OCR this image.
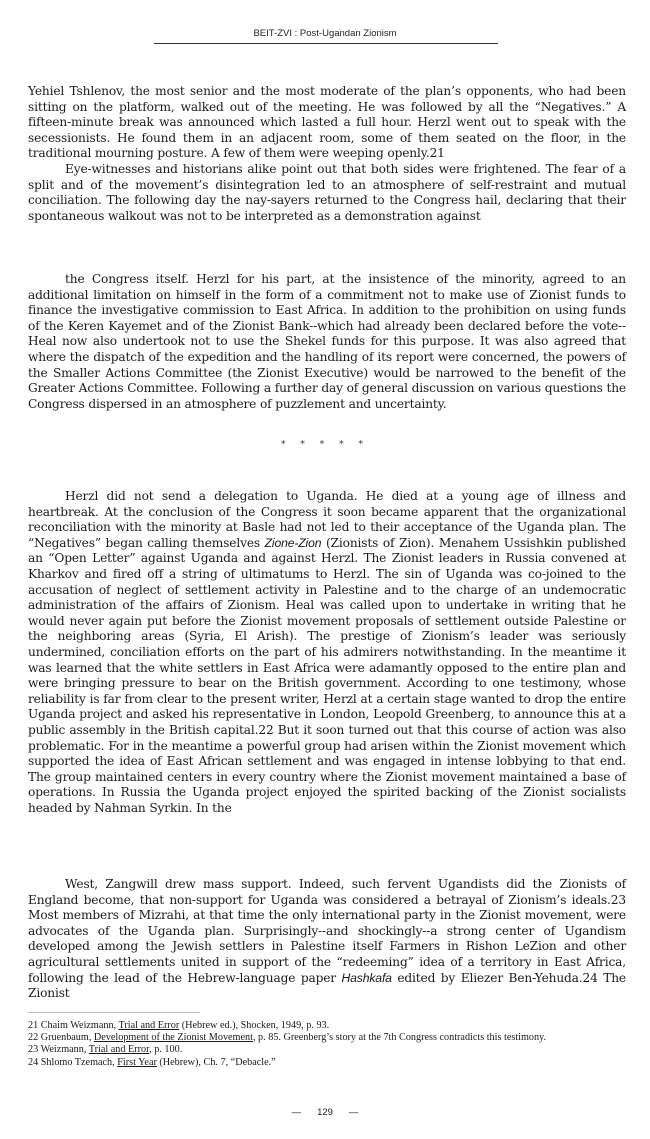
BEIT-ZVI : Post-Ugandan Zionism

Yehiel Tshlenov, the most senior and the most moderate of the plan’s opponents, who had been sitting on the platform, walked out of the meeting. He was followed by all the “Negatives.” A fifteen-minute break was announced which lasted a full hour. Herzl went out to speak with the secessionists. He found them in an adjacent room, some of them seated on the floor, in the traditional mourning posture. A few of them were weeping openly.21

Eye-witnesses and historians alike point out that both sides were frightened. The fear of a split and of the movement’s disintegration led to an atmosphere of self-restraint and mutual conciliation. The following day the nay-sayers returned to the Congress hail, declaring that their spontaneous walkout was not to be interpreted as a demonstration against

the Congress itself. Herzl for his part, at the insistence of the minority, agreed to an additional limitation on himself in the form of a commitment not to make use of Zionist funds to finance the investigative commission to East Africa. In addition to the prohibition on using funds of the Keren Kayemet and of the Zionist Bank--which had already been declared before the vote--Heal now also undertook not to use the Shekel funds for this purpose. It was also agreed that where the dispatch of the expedition and the handling of its report were concerned, the powers of the Smaller Actions Committee (the Zionist Executive) would be narrowed to the benefit of the Greater Actions Committee. Following a further day of general discussion on various questions the Congress dispersed in an atmosphere of puzzlement and uncertainty.

* * * * *

Herzl did not send a delegation to Uganda. He died at a young age of illness and heartbreak. At the conclusion of the Congress it soon became apparent that the organizational reconciliation with the minority at Basle had not led to their acceptance of the Uganda plan. The “Negatives” began calling themselves Zione-Zion (Zionists of Zion). Menahem Ussishkin published an “Open Letter” against Uganda and against Herzl. The Zionist leaders in Russia convened at Kharkov and fired off a string of ultimatums to Herzl. The sin of Uganda was co-joined to the accusation of neglect of settlement activity in Palestine and to the charge of an undemocratic administration of the affairs of Zionism. Heal was called upon to undertake in writing that he would never again put before the Zionist movement proposals of settlement outside Palestine or the neighboring areas (Syria, El Arish). The prestige of Zionism’s leader was seriously undermined, conciliation efforts on the part of his admirers notwithstanding. In the meantime it was learned that the white settlers in East Africa were adamantly opposed to the entire plan and were bringing pressure to bear on the British government. According to one testimony, whose reliability is far from clear to the present writer, Herzl at a certain stage wanted to drop the entire Uganda project and asked his representative in London, Leopold Greenberg, to announce this at a public assembly in the British capital.22 But it soon turned out that this course of action was also problematic. For in the meantime a powerful group had arisen within the Zionist movement which supported the idea of East African settlement and was engaged in intense lobbying to that end. The group maintained centers in every country where the Zionist movement maintained a base of operations. In Russia the Uganda project enjoyed the spirited backing of the Zionist socialists headed by Nahman Syrkin. In the

West, Zangwill drew mass support. Indeed, such fervent Ugandists did the Zionists of England become, that non-support for Uganda was considered a betrayal of Zionism’s ideals.23 Most members of Mizrahi, at that time the only international party in the Zionist movement, were advocates of the Uganda plan. Surprisingly--and shockingly--a strong center of Ugandism developed among the Jewish settlers in Palestine itself Farmers in Rishon LeZion and other agricultural settlements united in support of the “redeeming” idea of a territory in East Africa, following the lead of the Hebrew-language paper Hashkafa edited by Eliezer Ben-Yehuda.24 The Zionist

21 Chaim Weizmann, Trial and Error (Hebrew ed.), Shocken, 1949, p. 93.
22 Gruenbaum, Development of the Zionist Movement, p. 85. Greenberg’s story at the 7th Congress contradicts this testimony.
23 Weizmann, Trial and Error, p. 100.
24 Shlomo Tzemach, First Year (Hebrew), Ch. 7, “Debacle.”
— 129 —
